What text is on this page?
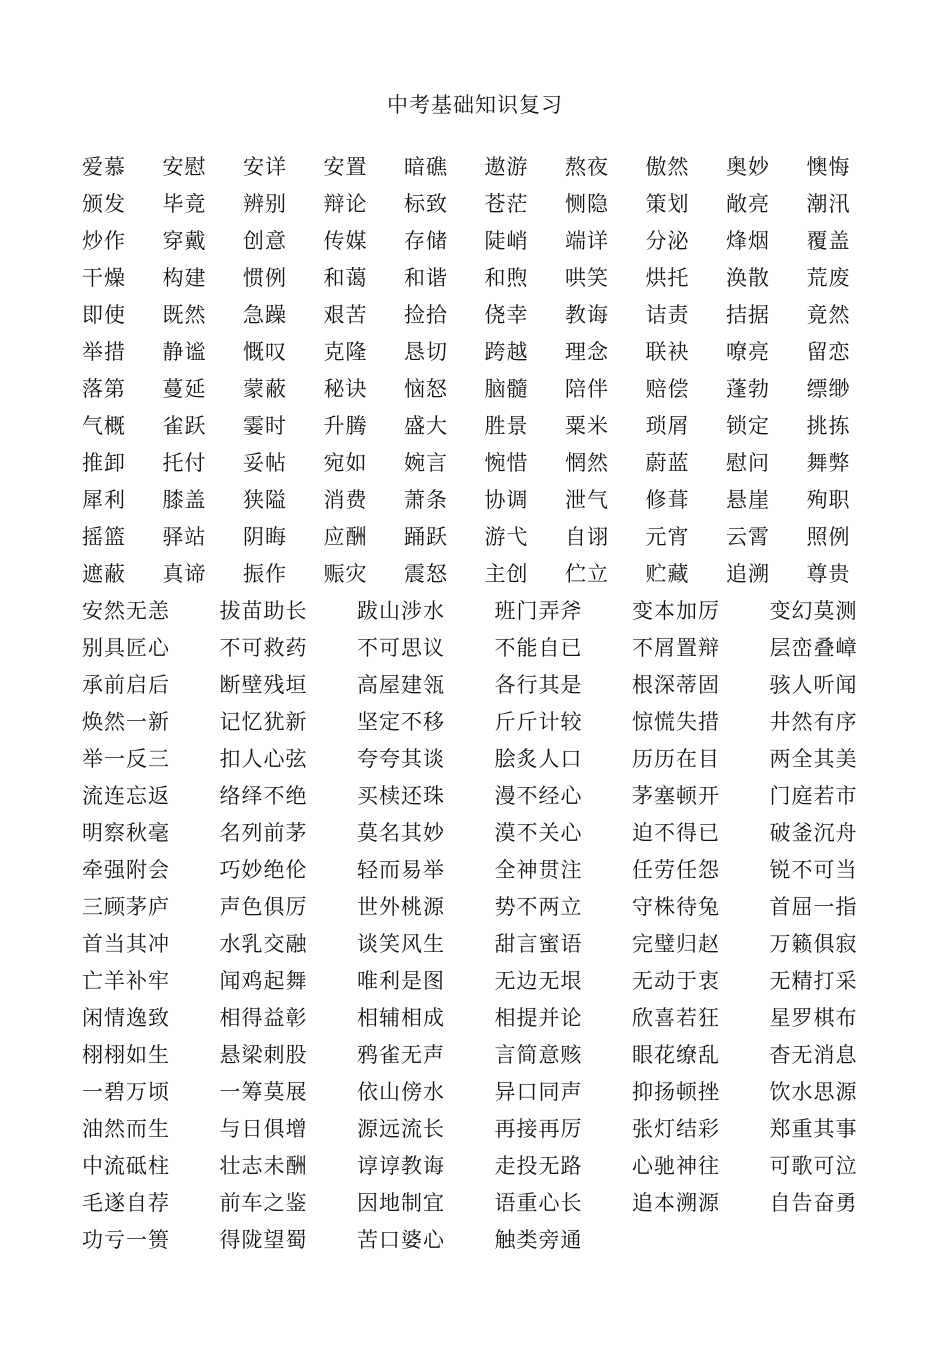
中考基础知识复习
爱慕	安慰	安详	安置	暗礁	遨游	熬夜	傲然	奥妙	懊悔
颁发	毕竟	辨别	辩论	标致	苍茫	恻隐	策划	敞亮	潮汛
炒作	穿戴	创意	传媒	存储	陡峭	端详	分泌	烽烟	覆盖
干燥	构建	惯例	和蔼	和谐	和煦	哄笑	烘托	涣散	荒废
即使	既然	急躁	艰苦	捡拾	侥幸	教诲	诘责	拮据	竟然
举措	静谧	慨叹	克隆	恳切	跨越	理念	联袂	嘹亮	留恋
落第	蔓延	蒙蔽	秘诀	恼怒	脑髓	陪伴	赔偿	蓬勃	缥缈
气概	雀跃	霎时	升腾	盛大	胜景	粟米	琐屑	锁定	挑拣
推卸	托付	妥帖	宛如	婉言	惋惜	惘然	蔚蓝	慰问	舞弊
犀利	膝盖	狭隘	消费	萧条	协调	泄气	修葺	悬崖	殉职
摇篮	驿站	阴晦	应酬	踊跃	游弋	自诩	元宵	云霄	照例
遮蔽	真谛	振作	赈灾	震怒	主创	伫立	贮藏	追溯	尊贵
安然无恙	拔苗助长	跋山涉水	班门弄斧	变本加厉	变幻莫测
别具匠心	不可救药	不可思议	不能自已	不屑置辩	层峦叠嶂
承前启后	断壁残垣	高屋建瓴	各行其是	根深蒂固	骇人听闻
焕然一新	记忆犹新	坚定不移	斤斤计较	惊慌失措	井然有序
举一反三	扣人心弦	夸夸其谈	脍炙人口	历历在目	两全其美
流连忘返	络绎不绝	买椟还珠	漫不经心	茅塞顿开	门庭若市
明察秋毫	名列前茅	莫名其妙	漠不关心	迫不得已	破釜沉舟
牵强附会	巧妙绝伦	轻而易举	全神贯注	任劳任怨	锐不可当
三顾茅庐	声色俱厉	世外桃源	势不两立	守株待兔	首屈一指
首当其冲	水乳交融	谈笑风生	甜言蜜语	完璧归赵	万籁俱寂
亡羊补牢	闻鸡起舞	唯利是图	无边无垠	无动于衷	无精打采
闲情逸致	相得益彰	相辅相成	相提并论	欣喜若狂	星罗棋布
栩栩如生	悬梁刺股	鸦雀无声	言简意赅	眼花缭乱	杳无消息
一碧万顷	一筹莫展	依山傍水	异口同声	抑扬顿挫	饮水思源
油然而生	与日俱增	源远流长	再接再厉	张灯结彩	郑重其事
中流砥柱	壮志未酬	谆谆教诲	走投无路	心驰神往	可歌可泣
毛遂自荐	前车之鉴	因地制宜	语重心长	追本溯源	自告奋勇
功亏一篑	得陇望蜀	苦口婆心	触类旁通
